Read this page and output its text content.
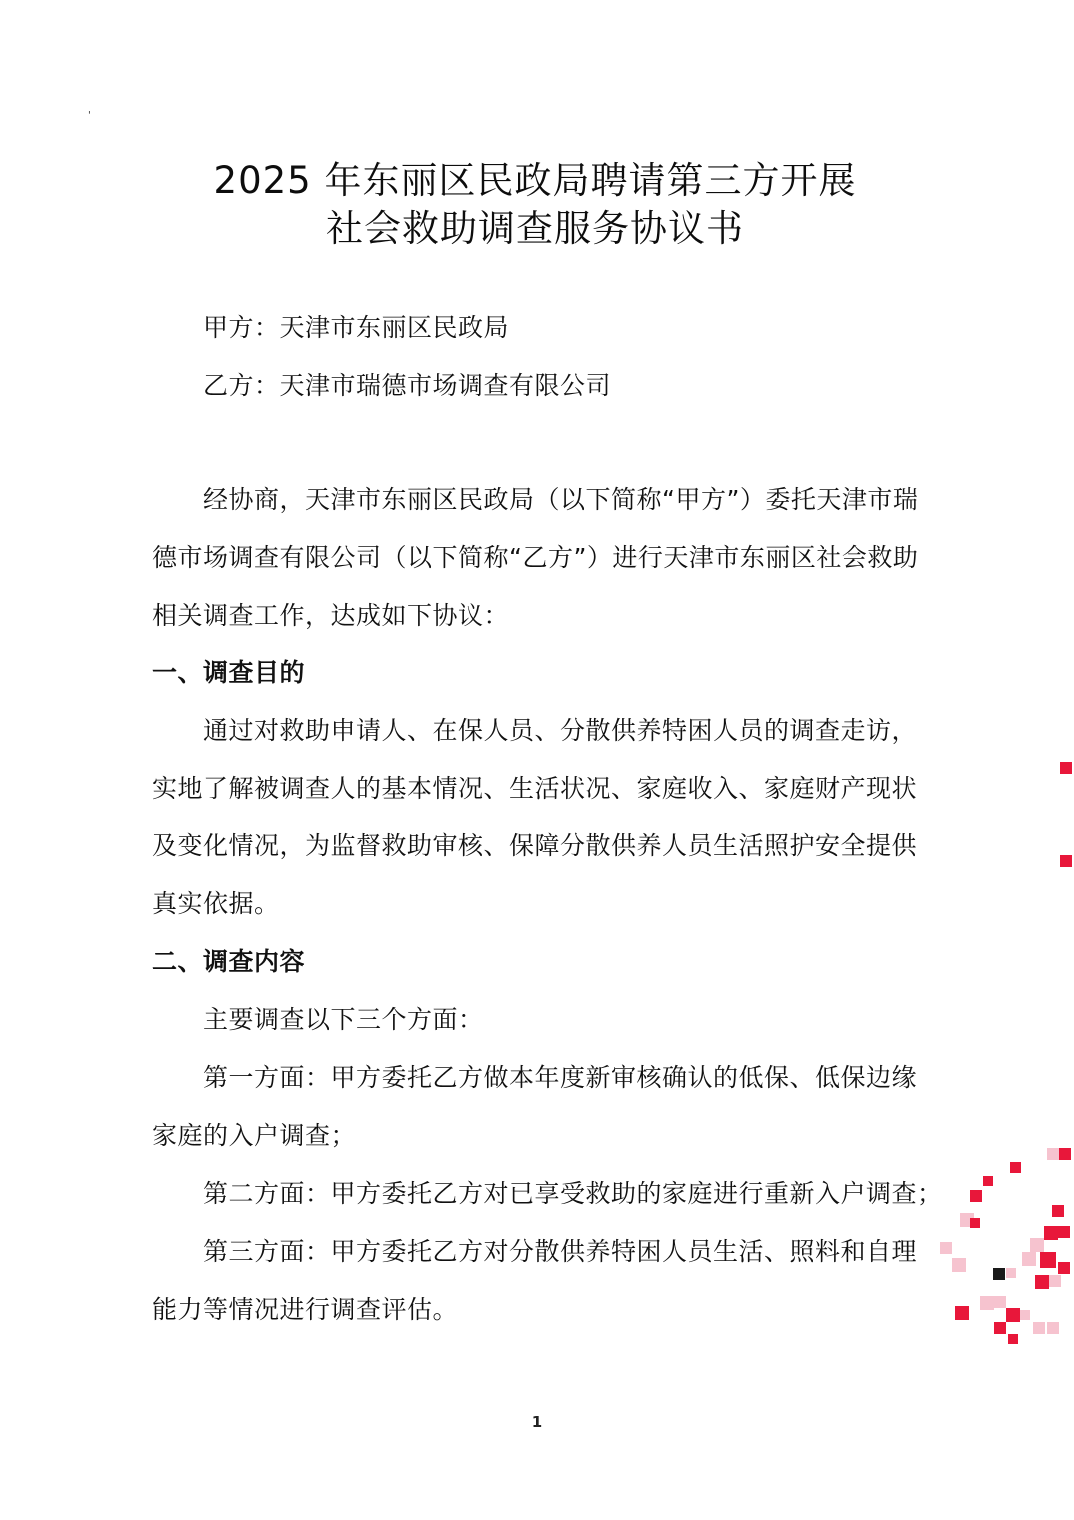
'
2025 年东丽区民政局聘请第三方开展
社会救助调查服务协议书
甲方：天津市东丽区民政局
乙方：天津市瑞德市场调查有限公司
经协商，天津市东丽区民政局（以下简称“甲方”）委托天津市瑞
德市场调查有限公司（以下简称“乙方”）进行天津市东丽区社会救助
相关调查工作，达成如下协议：
一、调查目的
通过对救助申请人、在保人员、分散供养特困人员的调查走访，
实地了解被调查人的基本情况、生活状况、家庭收入、家庭财产现状
及变化情况，为监督救助审核、保障分散供养人员生活照护安全提供
真实依据。
二、调查内容
主要调查以下三个方面：
第一方面：甲方委托乙方做本年度新审核确认的低保、低保边缘
家庭的入户调查；
第二方面：甲方委托乙方对已享受救助的家庭进行重新入户调查；
第三方面：甲方委托乙方对分散供养特困人员生活、照料和自理
能力等情况进行调查评估。
1
